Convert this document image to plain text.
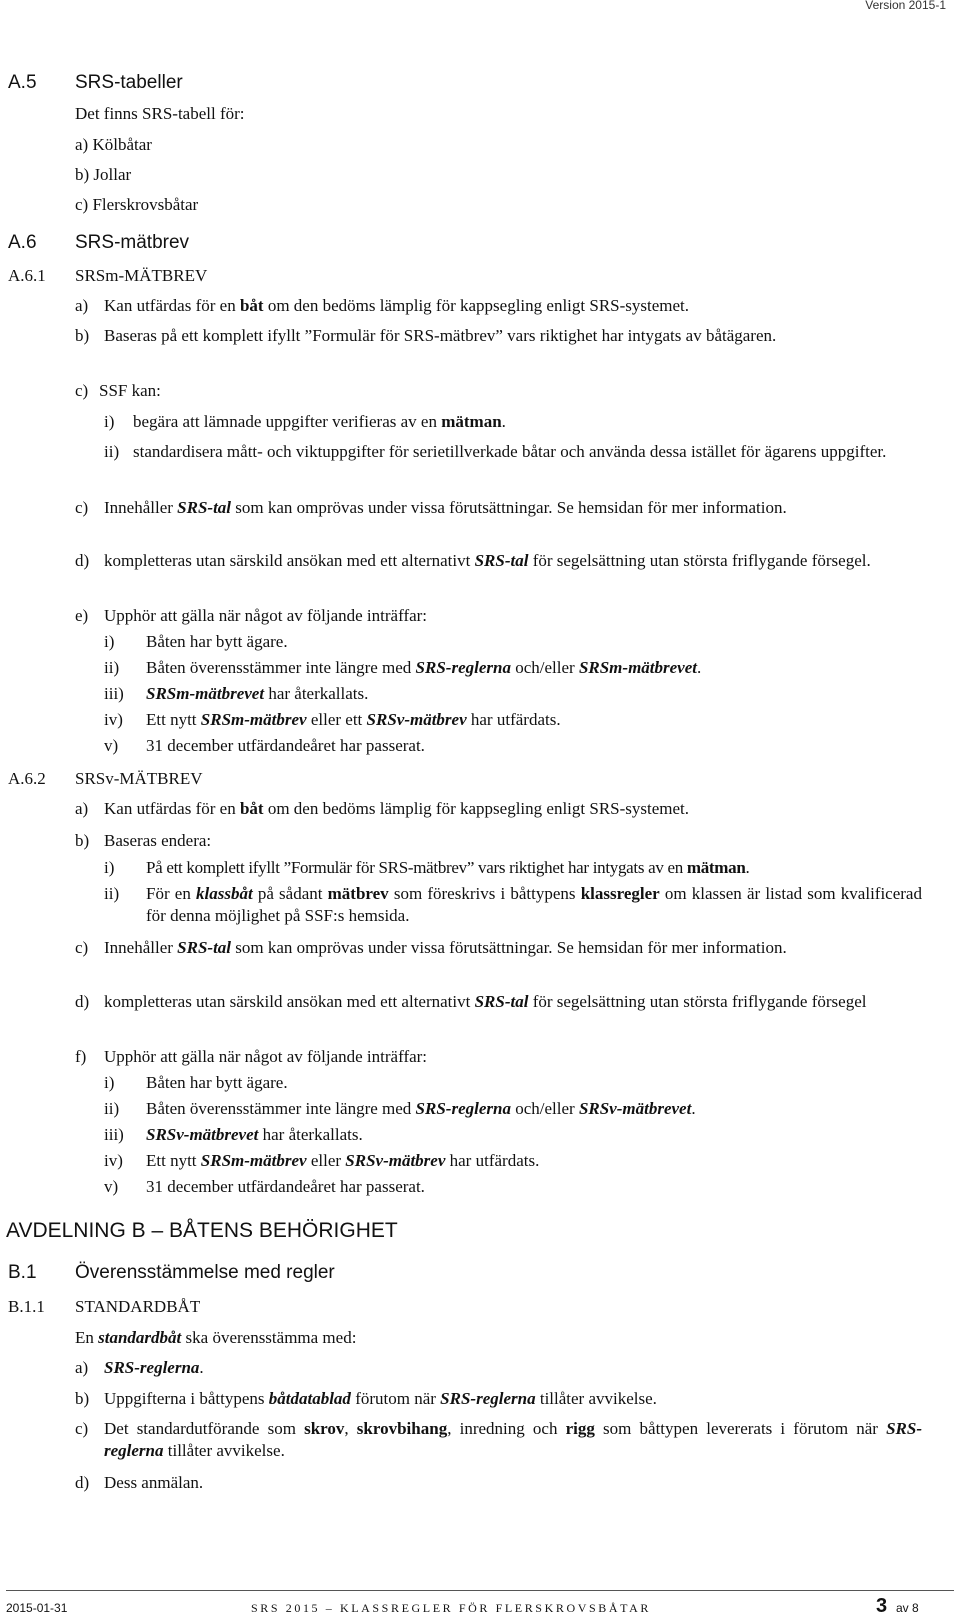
Version 2015-1
A.5 SRS-tabeller
Det finns SRS-tabell för:
a) Kölbåtar
b) Jollar
c) Flerskrovsbåtar
A.6 SRS-mätbrev
A.6.1 SRSm-MÄTBREV
a) Kan utfärdas för en båt om den bedöms lämplig för kappsegling enligt SRS-systemet.
b) Baseras på ett komplett ifyllt ”Formulär för SRS-mätbrev” vars riktighet har intygats av båtägaren.
c) SSF kan:
i) begära att lämnade uppgifter verifieras av en mätman.
ii) standardisera mått- och viktuppgifter för serietillverkade båtar och använda dessa istället för ägarens uppgifter.
c) Innehåller SRS-tal som kan omprövas under vissa förutsättningar. Se hemsidan för mer information.
d) kompletteras utan särskild ansökan med ett alternativt SRS-tal för segelsättning utan största friflygande försegel.
e) Upphör att gälla när något av följande inträffar:
i) Båten har bytt ägare.
ii) Båten överensstämmer inte längre med SRS-reglerna och/eller SRSm-mätbrevet.
iii) SRSm-mätbrevet har återkallats.
iv) Ett nytt SRSm-mätbrev eller ett SRSv-mätbrev har utfärdats.
v) 31 december utfärdandeåret har passerat.
A.6.2 SRSv-MÄTBREV
a) Kan utfärdas för en båt om den bedöms lämplig för kappsegling enligt SRS-systemet.
b) Baseras endera:
i) På ett komplett ifyllt ”Formulär för SRS-mätbrev” vars riktighet har intygats av en mätman.
ii) För en klassbåt på sådant mätbrev som föreskrivs i båttypens klassregler om klassen är listad som kvalificerad för denna möjlighet på SSF:s hemsida.
c) Innehåller SRS-tal som kan omprövas under vissa förutsättningar. Se hemsidan för mer information.
d) kompletteras utan särskild ansökan med ett alternativt SRS-tal för segelsättning utan största friflygande försegel
f) Upphör att gälla när något av följande inträffar:
i) Båten har bytt ägare.
ii) Båten överensstämmer inte längre med SRS-reglerna och/eller SRSv-mätbrevet.
iii) SRSv-mätbrevet har återkallats.
iv) Ett nytt SRSm-mätbrev eller SRSv-mätbrev har utfärdats.
v) 31 december utfärdandeåret har passerat.
AVDELNING B – BÅTENS BEHÖRIGHET
B.1 Överensstämmelse med regler
B.1.1 STANDARDBÅT
En standardbåt ska överensstämma med:
a) SRS-reglerna.
b) Uppgifterna i båttypens båtdatablad förutom när SRS-reglerna tillåter avvikelse.
c) Det standardutförande som skrov, skrovbihang, inredning och rigg som båttypen levererats i förutom när SRS-reglerna tillåter avvikelse.
d) Dess anmälan.
2015-01-31	SRS 2015 – KLASSREGLER FÖR FLERSKROVSBÅTAR	3 av 8
